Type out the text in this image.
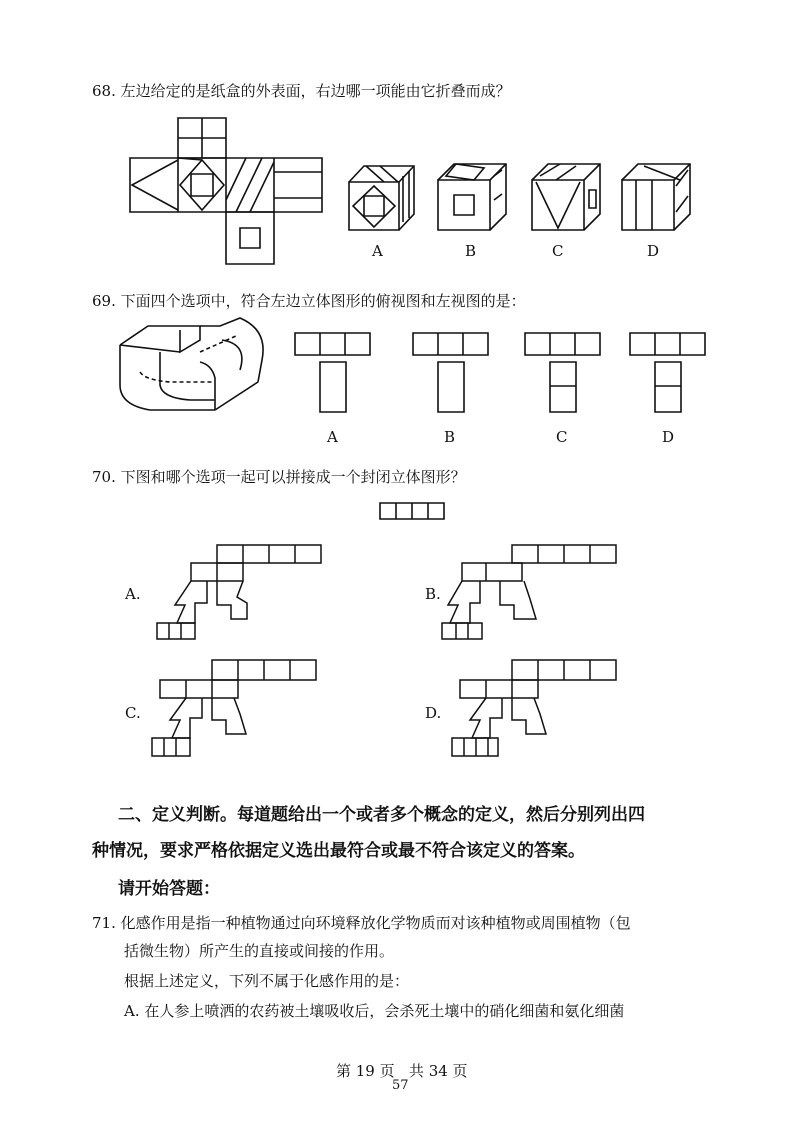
68. 左边给定的是纸盒的外表面，右边哪一项能由它折叠而成？
A	B	C	D
69. 下面四个选项中，符合左边立体图形的俯视图和左视图的是：
A	B	C	D
70. 下图和哪个选项一起可以拼接成一个封闭立体图形？
A.	B.
C.	D.
二、定义判断。每道题给出一个或者多个概念的定义，然后分别列出四
种情况，要求严格依据定义选出最符合或最不符合该定义的答案。
请开始答题：
71. 化感作用是指一种植物通过向环境释放化学物质而对该种植物或周围植物（包
括微生物）所产生的直接或间接的作用。
根据上述定义，下列不属于化感作用的是：
A. 在人参上喷洒的农药被土壤吸收后，会杀死土壤中的硝化细菌和氨化细菌
第 19 页   共 34 页
57
